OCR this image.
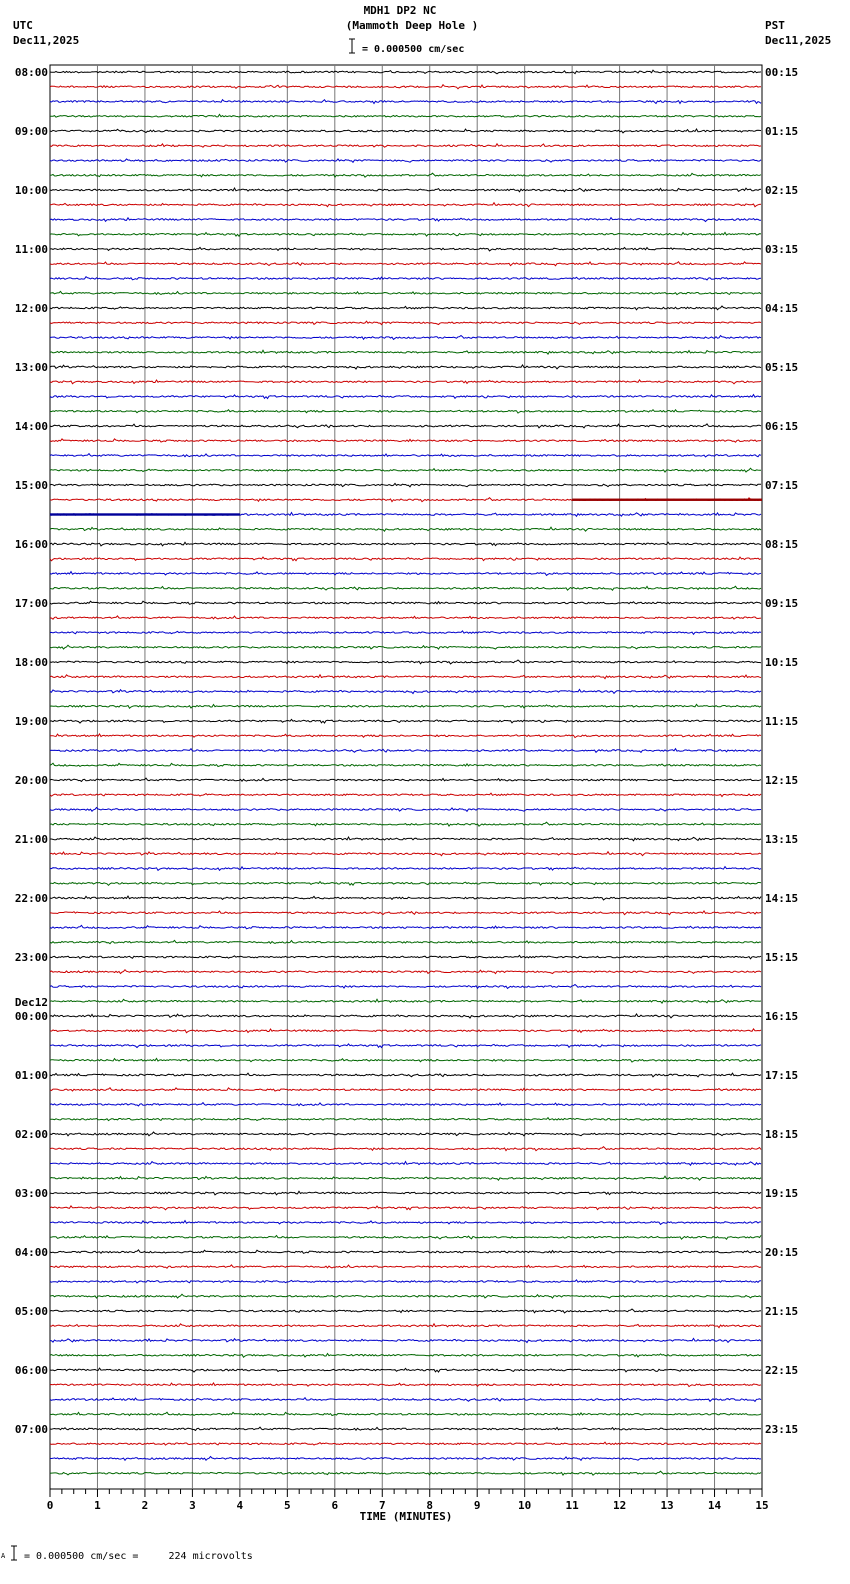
MDH1 DP2 NC
(Mammoth Deep Hole )
UTC
Dec11,2025
PST
Dec11,2025
= 0.000500 cm/sec
A = 0.000500 cm/sec =     224 microvolts
08:00	00:15
09:00	01:15
10:00	02:15
11:00	03:15
12:00	04:15
13:00	05:15
14:00	06:15
15:00	07:15
16:00	08:15
17:00	09:15
18:00	10:15
19:00	11:15
20:00	12:15
21:00	13:15
22:00	14:15
23:00	15:15
00:00	16:15
01:00	17:15
02:00	18:15
03:00	19:15
04:00	20:15
05:00	21:15
06:00	22:15
07:00	23:15
Dec12
0	1	2	3	4	5	6	7	8	9	10	11	12	13	14	15
TIME (MINUTES)
